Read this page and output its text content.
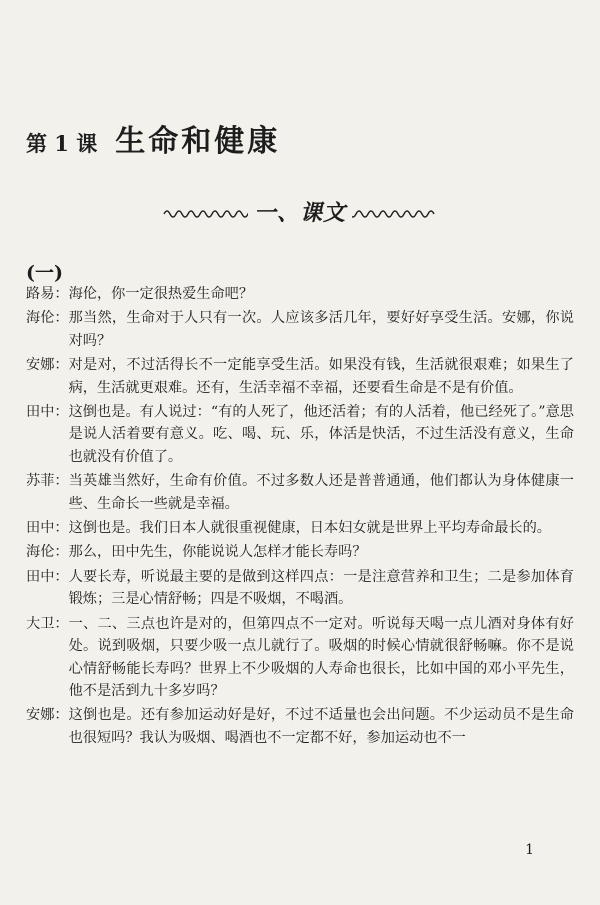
第 1 课 生命和健康
一、课文
(一)
路易： 海伦，你一定很热爱生命吧？
海伦： 那当然，生命对于人只有一次。人应该多活几年，要好好享受生活。安娜，你说对吗？
安娜： 对是对，不过活得长不一定能享受生活。如果没有钱，生活就很艰难；如果生了病，生活就更艰难。还有，生活幸福不幸福，还要看生命是不是有价值。
田中： 这倒也是。有人说过：“有的人死了，他还活着；有的人活着，他已经死了。”意思是说人活着要有意义。吃、喝、玩、乐，体活是快活，不过生活没有意义，生命也就没有价值了。
苏菲： 当英雄当然好，生命有价值。不过多数人还是普普通通，他们都认为身体健康一些、生命长一些就是幸福。
田中： 这倒也是。我们日本人就很重视健康，日本妇女就是世界上平均寿命最长的。
海伦： 那么，田中先生，你能说说人怎样才能长寿吗？
田中： 人要长寿，听说最主要的是做到这样四点：一是注意营养和卫生；二是参加体育锻炼；三是心情舒畅；四是不吸烟，不喝酒。
大卫： 一、二、三点也许是对的，但第四点不一定对。听说每天喝一点儿酒对身体有好处。说到吸烟，只要少吸一点儿就行了。吸烟的时候心情就很舒畅嘛。你不是说心情舒畅能长寿吗？世界上不少吸烟的人寿命也很长，比如中国的邓小平先生，他不是活到九十多岁吗？
安娜： 这倒也是。还有参加运动好是好，不过不适量也会出问题。不少运动员不是生命也很短吗？我认为吸烟、喝酒也不一定都不好，参加运动也不一
1
